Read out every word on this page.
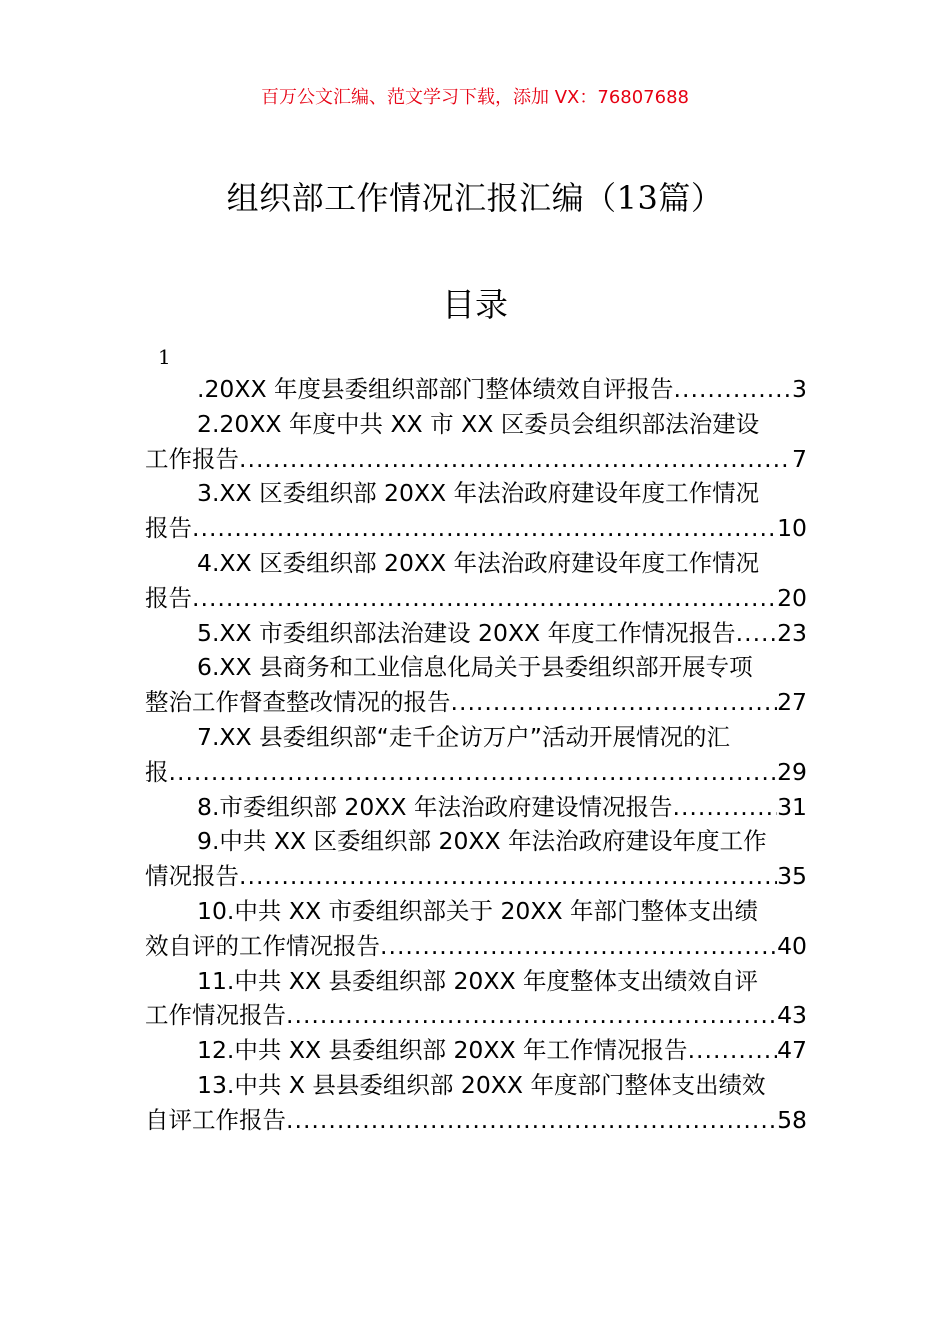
百万公文汇编、范文学习下载，添加 VX：76807688
组织部工作情况汇报汇编（13篇）
目录
1
.20XX 年度县委组织部部门整体绩效自评报告 .....	3
2.20XX 年度中共 XX 市 XX 区委员会组织部法治建设
工作报告 .....	7
3.XX 区委组织部 20XX 年法治政府建设年度工作情况
报告 .....	10
4.XX 区委组织部 20XX 年法治政府建设年度工作情况
报告 .....	20
5.XX 市委组织部法治建设 20XX 年度工作情况报告 ..... 23
6.XX 县商务和工业信息化局关于县委组织部开展专项
整治工作督查整改情况的报告 .....	27
7.XX 县委组织部“走千企访万户”活动开展情况的汇
报 .....	29
8.市委组织部 20XX 年法治政府建设情况报告 .....	31
9.中共 XX 区委组织部 20XX 年法治政府建设年度工作
情况报告 .....	35
10.中共 XX 市委组织部关于 20XX 年部门整体支出绩
效自评的工作情况报告 .....	40
11.中共 XX 县委组织部 20XX 年度整体支出绩效自评
工作情况报告 .....	43
12.中共 XX 县委组织部 20XX 年工作情况报告 .....	47
13.中共 X 县县委组织部 20XX 年度部门整体支出绩效
自评工作报告 .....	58
